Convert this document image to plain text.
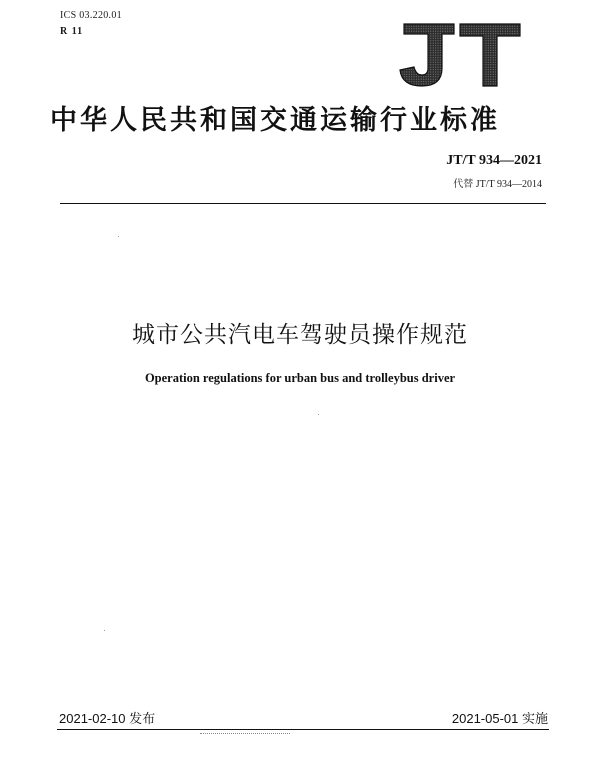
ICS 03.220.01
R 11
JT
中华人民共和国交通运输行业标准
JT/T 934—2021
代替 JT/T 934—2014
城市公共汽电车驾驶员操作规范
Operation regulations for urban bus and trolleybus driver
2021-02-10 发布	2021-05-01 实施
